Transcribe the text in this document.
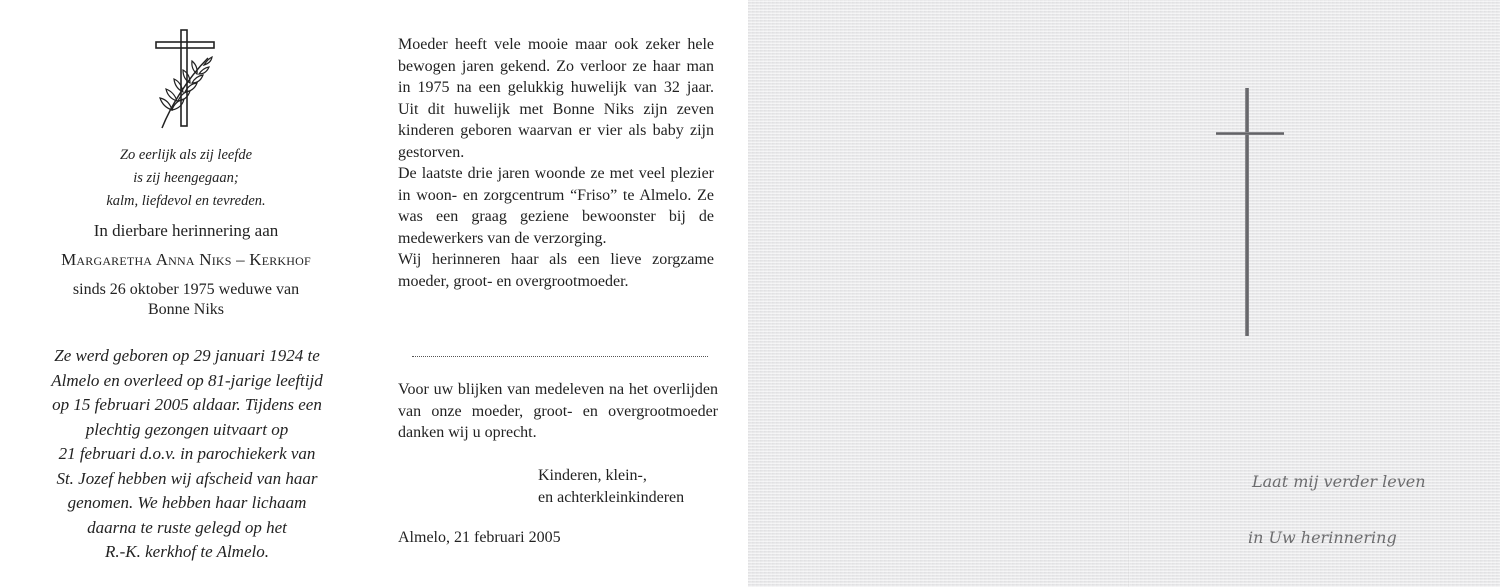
Zo eerlijk als zij leefde
is zij heengegaan;
kalm, liefdevol en tevreden.
In dierbare herinnering aan
Margaretha Anna Niks – Kerkhof
sinds 26 oktober 1975 weduwe van
Bonne Niks
Ze werd geboren op 29 januari 1924 te
Almelo en overleed op 81-jarige leeftijd
op 15 februari 2005 aldaar. Tijdens een
plechtig gezongen uitvaart op
21 februari d.o.v. in parochiekerk van
St. Jozef hebben wij afscheid van haar
genomen. We hebben haar lichaam
daarna te ruste gelegd op het
R.-K. kerkhof te Almelo.

Moeder heeft vele mooie maar ook zeker hele bewogen jaren gekend. Zo verloor ze haar man in 1975 na een gelukkig huwelijk van 32 jaar. Uit dit huwelijk met Bonne Niks zijn zeven kinderen geboren waarvan er vier als baby zijn gestorven.

De laatste drie jaren woonde ze met veel plezier in woon- en zorgcentrum “Friso” te Almelo. Ze was een graag geziene bewoonster bij de medewerkers van de verzorging.

Wij herinneren haar als een lieve zorgzame moeder, groot- en overgrootmoeder.

Voor uw blijken van medeleven na het overlijden van onze moeder, groot- en overgrootmoeder danken wij u oprecht.

Kinderen, klein-,
en achterkleinkinderen
Almelo, 21 februari 2005
Laat mij verder leven
in Uw herinnering
